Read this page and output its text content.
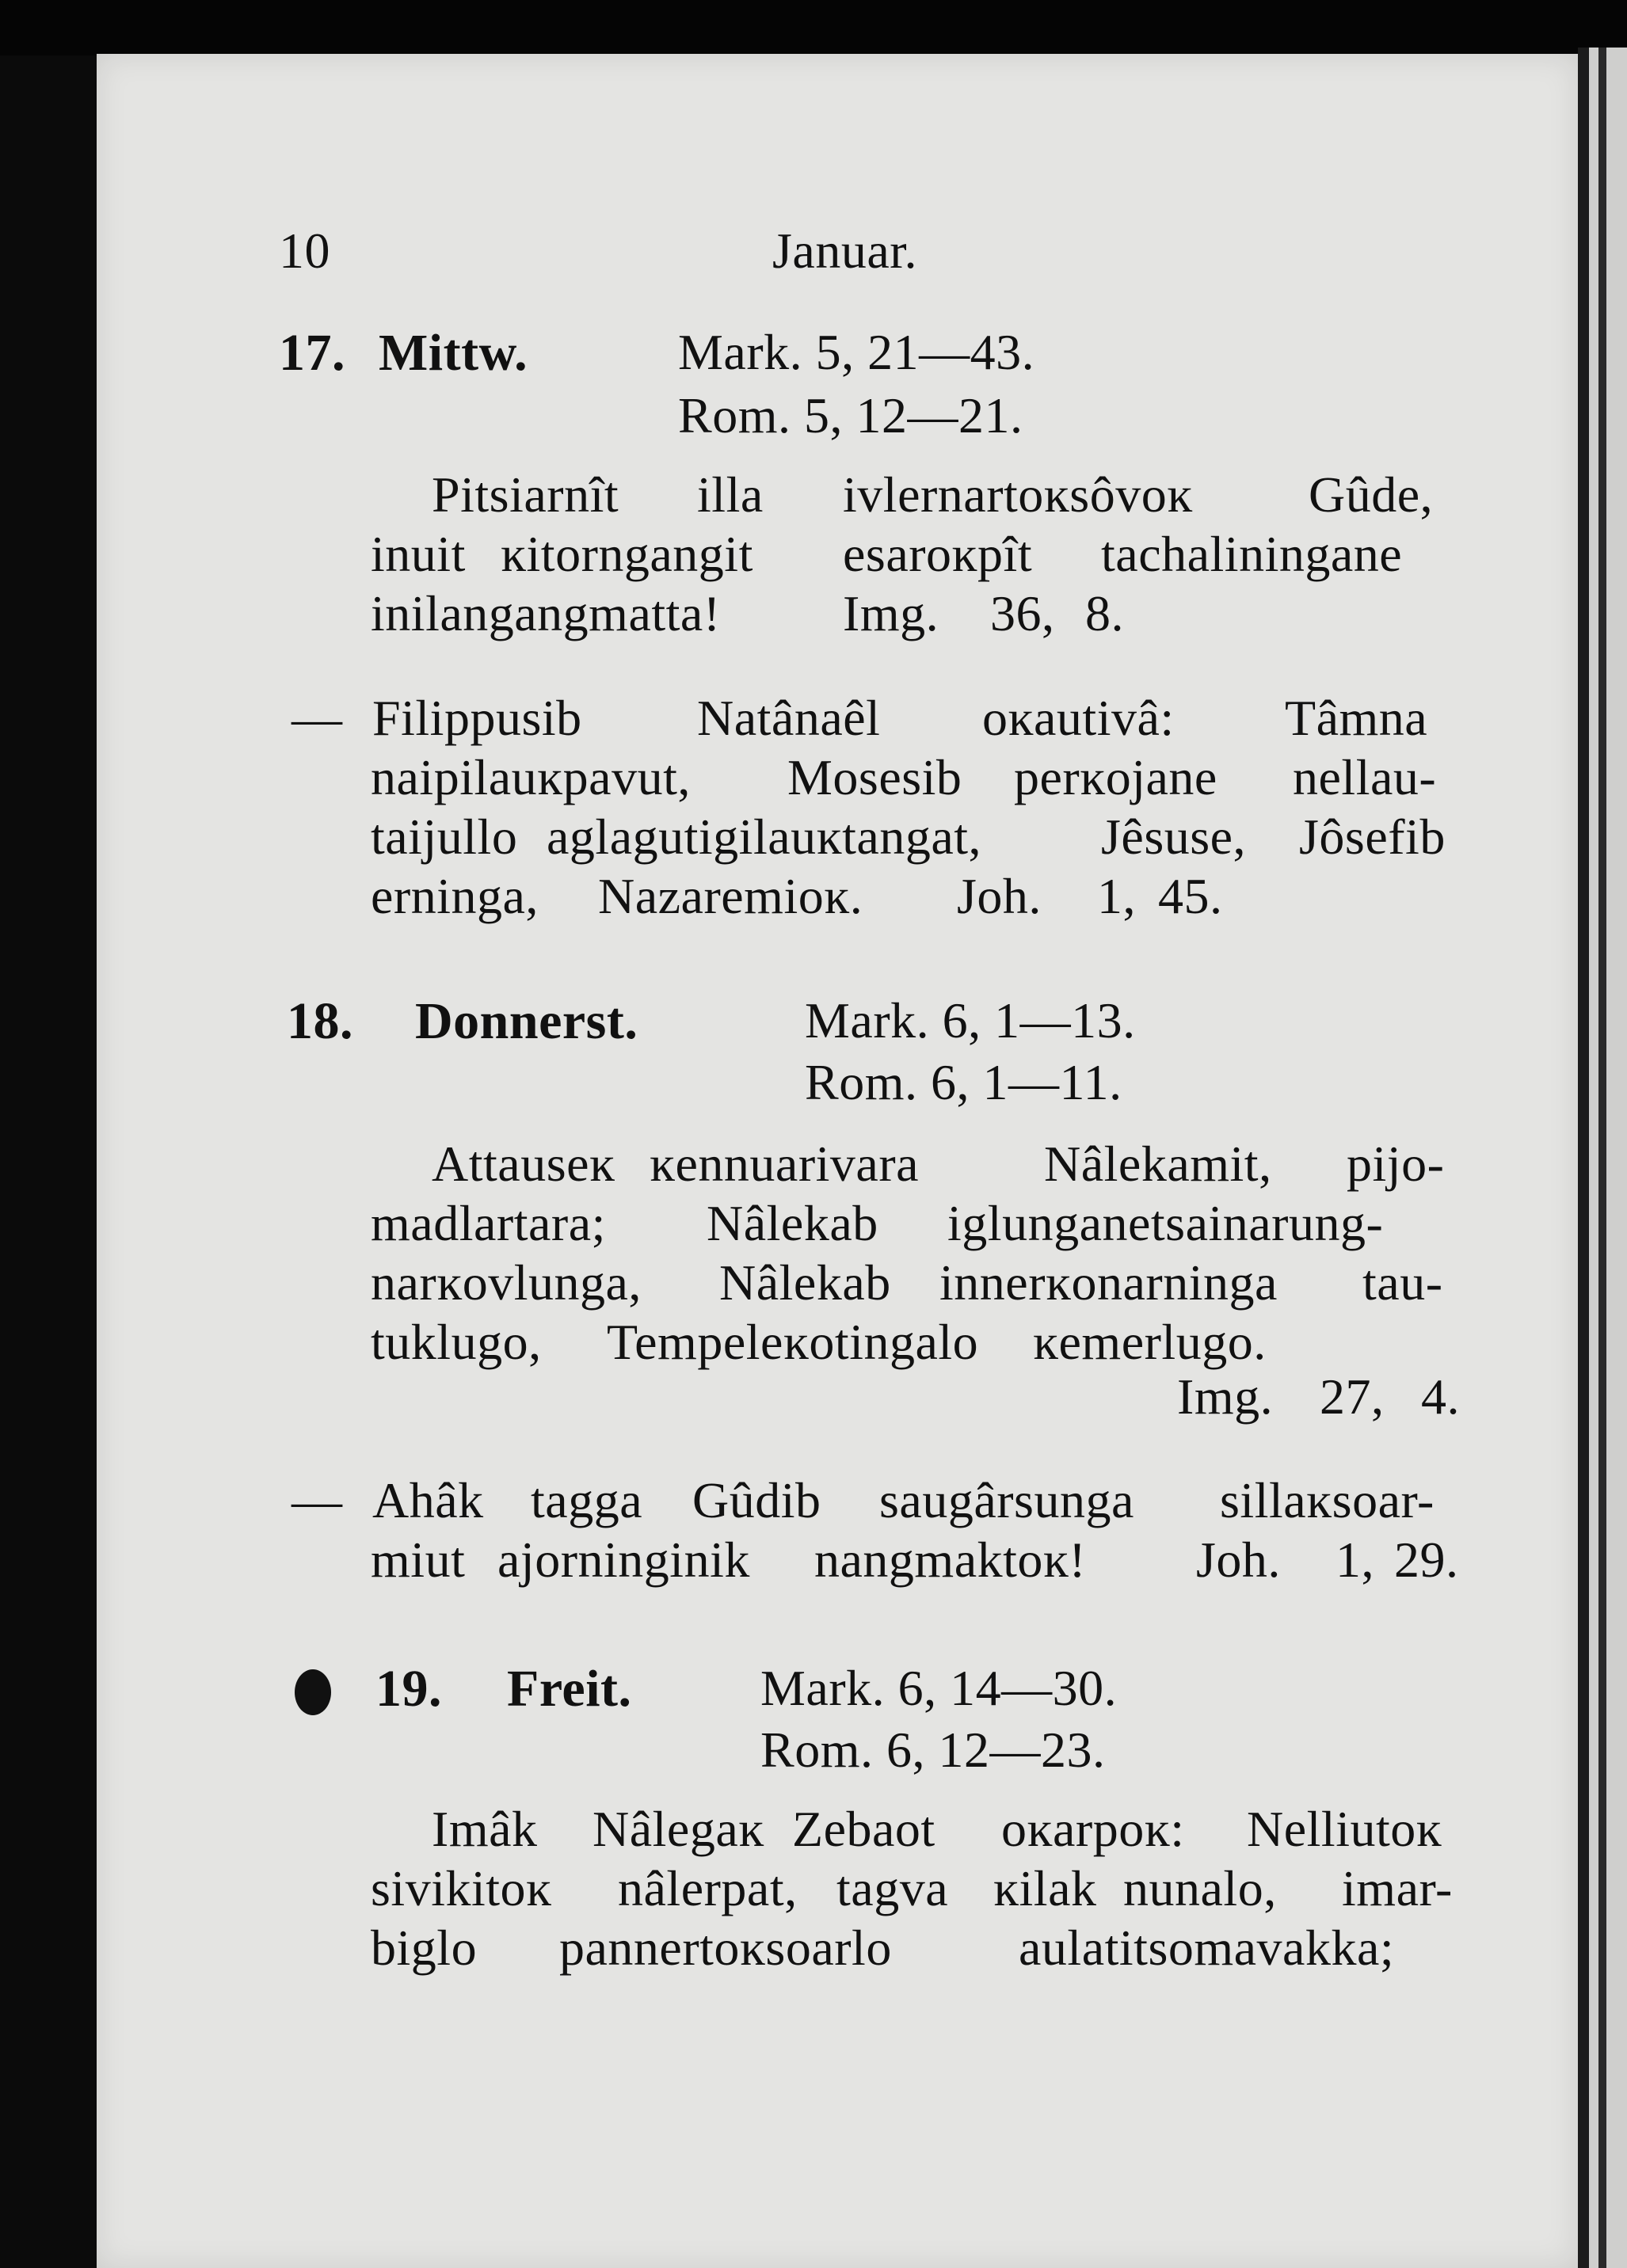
10	Januar.
17. Mittw.	Mark. 5, 21—43.
Rom. 5, 12—21.
Pitsiarnît illa ivlernartoĸsôvoĸ Gûde,
inuit ĸitorngangit esaroĸpît tachaliningane
inilangangmatta! Img. 36, 8.
— Filippusib Natânaêl oĸautivâ: Tâmna
naipilauĸpavut, Mosesib perĸojane nellau-
taijullo aglagutigilauĸtangat, Jêsuse, Jôsefib
erninga, Nazaremioĸ. Joh. 1, 45.
18. Donnerst.	Mark. 6, 1—13.
Rom. 6, 1—11.
Attauseĸ ĸennuarivara Nâlekamit, pijo-
madlartara; Nâlekab iglunganetsainarung-
narĸovlunga, Nâlekab innerĸonarninga tau-
tuklugo, Tempeleĸotingalo ĸemerlugo.
Img. 27, 4.
— Ahâk tagga Gûdib saugârsunga sillaĸsoar-
miut ajorninginik nangmaktoĸ! Joh. 1, 29.
19. Freit.	Mark. 6, 14—30.
Rom. 6, 12—23.
Imâk Nâlegaĸ Zebaot oĸarpoĸ: Nelliutoĸ
sivikitoĸ nâlerpat, tagva ĸilak nunalo, imar-
biglo pannertoĸsoarlo	aulatitsomavakka;
